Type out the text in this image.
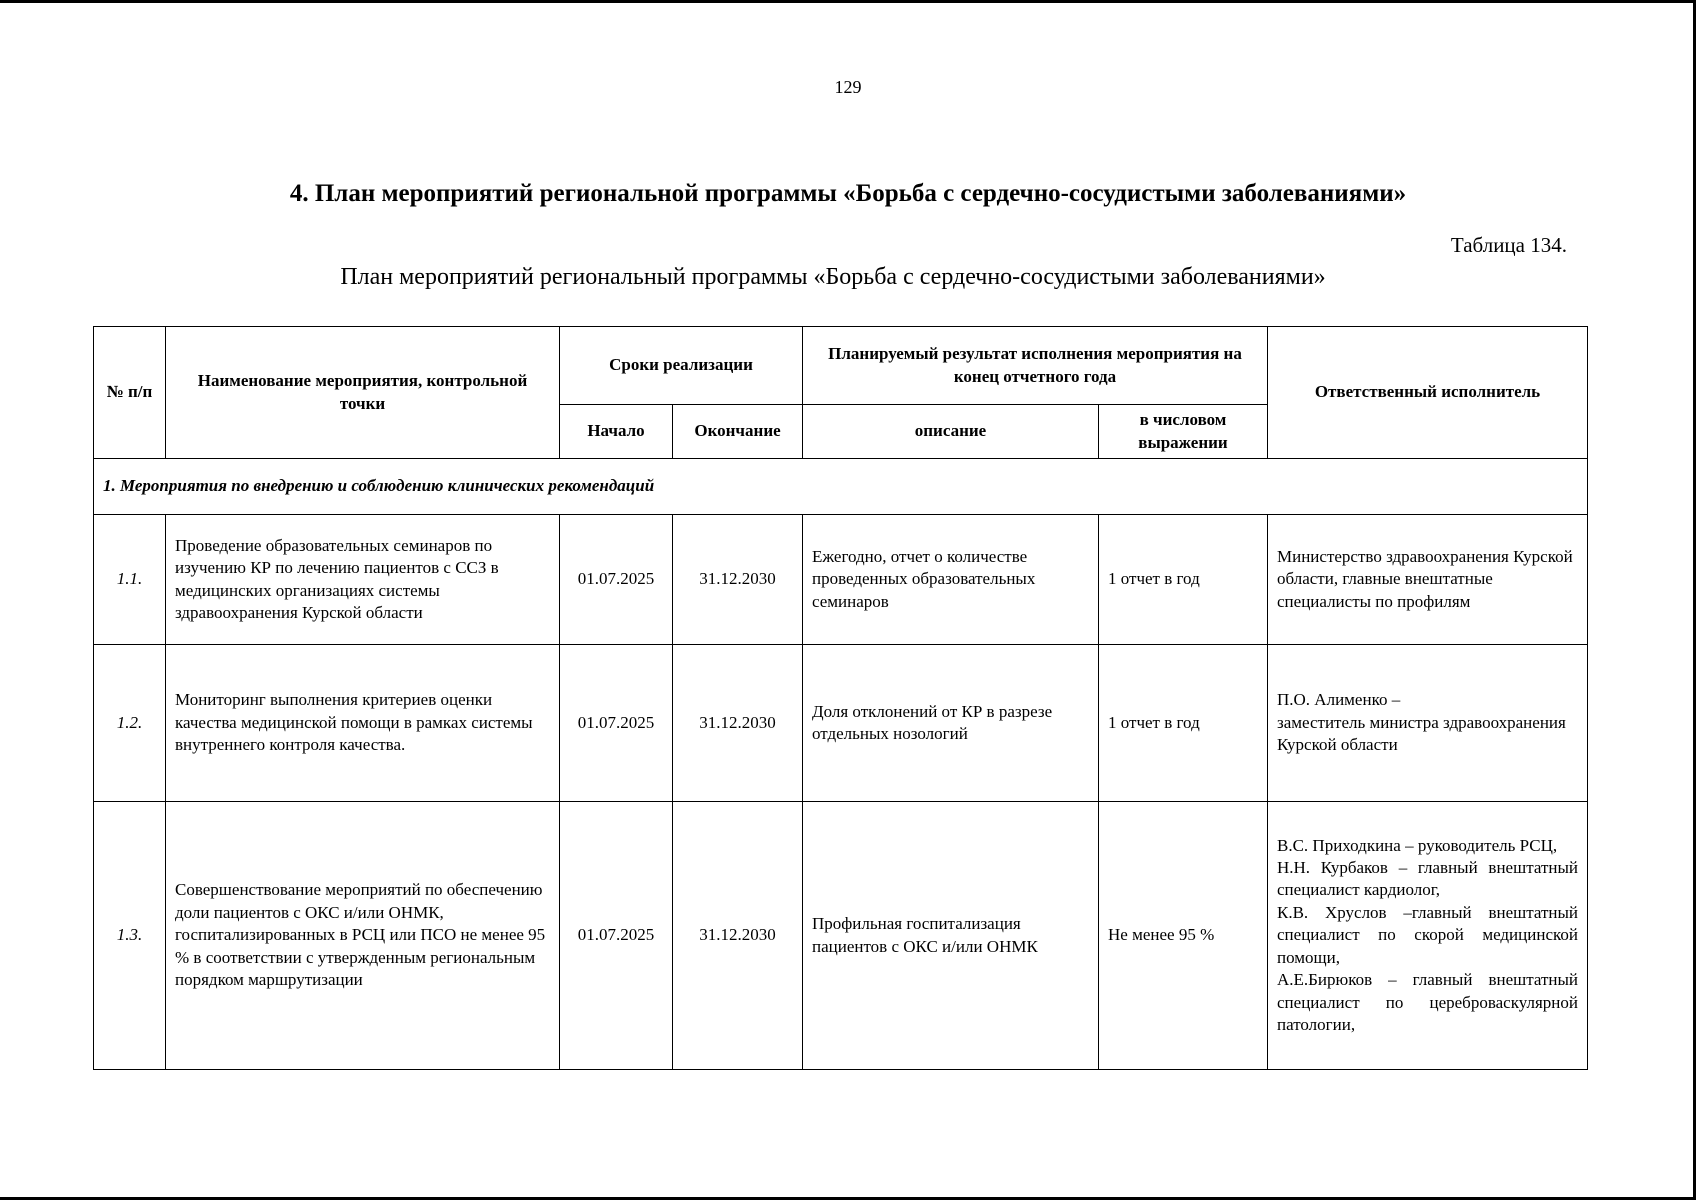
129
4. План мероприятий региональной программы «Борьба с сердечно-сосудистыми заболеваниями»
Таблица 134.
План мероприятий региональный программы «Борьба с сердечно-сосудистыми заболеваниями»
№ п/п	Наименование мероприятия, контрольной точки	Сроки реализации		Планируемый результат исполнения мероприятия на конец отчетного года		Ответственный исполнитель
		Начало	Окончание	описание	в числовом выражении	
1. Мероприятия по внедрению и соблюдению клинических рекомендаций						
1.1.	Проведение образовательных семинаров по изучению КР по лечению пациентов с ССЗ в медицинских организациях системы здравоохранения Курской области	01.07.2025	31.12.2030	Ежегодно, отчет о количестве проведенных образовательных семинаров	1 отчет в год	Министерство здравоохранения Курской области, главные внештатные специалисты по профилям

1.2.	Мониторинг выполнения критериев оценки качества медицинской помощи в рамках системы внутреннего контроля качества.	01.07.2025	31.12.2030	Доля отклонений от КР в разрезе отдельных нозологий	1 отчет в год	П.О. Алименко –
заместитель министра здравоохранения Курской области

1.3.	Совершенствование мероприятий по обеспечению доли пациентов с ОКС и/или ОНМК, госпитализированных в РСЦ или ПСО не менее 95 % в соответствии с утвержденным региональным порядком маршрутизации	01.07.2025	31.12.2030	Профильная госпитализация пациентов с ОКС и/или ОНМК	Не менее 95 %	В.С. Приходкина – руководитель РСЦ,
Н.Н. Курбаков – главный внештатный специалист кардиолог,
К.В. Хруслов –главный внештатный специалист по скорой медицинской помощи,
А.Е.Бирюков – главный внештатный специалист по цереброваскулярной патологии,
